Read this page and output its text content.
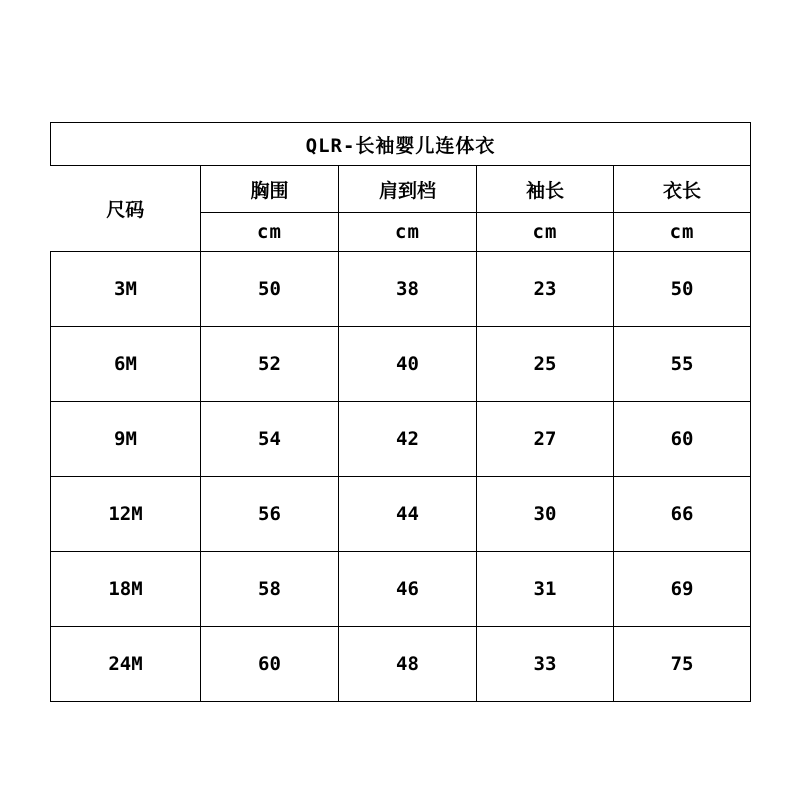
QLR-长袖婴儿连体衣				
尺码	胸围	肩到档	袖长	衣长
	cm	cm	cm	cm
3M	50	38	23	50
6M	52	40	25	55
9M	54	42	27	60
12M	56	44	30	66
18M	58	46	31	69
24M	60	48	33	75
